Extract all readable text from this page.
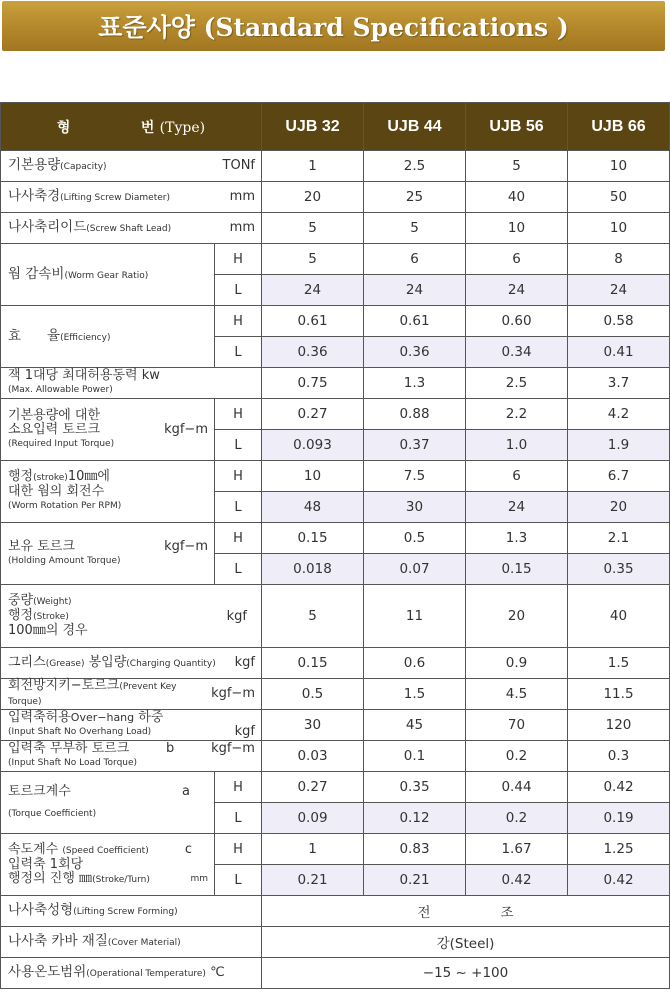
표준사양 (Standard Specifications )
형 번 (Type)		UJB 32	UJB 44	UJB 56	UJB 66

기본용량(Capacity) TONf		1	2.5	5	10

나사축경(Lifting Screw Diameter) mm		20	25	40	50

나사축리이드(Screw Shaft Lead) mm		5	5	10	10
웜 감속비(Worm Gear Ratio)	H	5	6	6	8
	L	24	24	24	24
효 율(Efficiency)	H	0.61	0.61	0.60	0.58
	L	0.36	0.36	0.34	0.41

잭 1대당 최대허용동력 kw
(Max. Allowable Power)		0.75	1.3	2.5	3.7

기본용량에 대한
소요입력 토르크 kgf−m
(Required Input Torque)	H	0.27	0.88	2.2	4.2
	L	0.093	0.37	1.0	1.9

행정(stroke)10㎜에
대한 웜의 회전수
(Worm Rotation Per RPM)	H	10	7.5	6	6.7
	L	48	30	24	20

보유 토르크 kgf−m
(Holding Amount Torque)	H	0.15	0.5	1.3	2.1
	L	0.018	0.07	0.15	0.35

중량(Weight)
행정(Stroke) kgf
100㎜의 경우		5	11	20	40

그리스(Grease) 봉입량(Charging Quantity) kgf		0.15	0.6	0.9	1.5

회전방지키−토르크(Prevent Key Torque)
kgf−m		0.5	1.5	4.5	11.5

입력축허용Over−hang 하중
(Input Shaft No Overhang Load) kgf		30	45	70	120

입력축 무부하 토르크 b kgf−m
(Input Shaft No Load Torque)		0.03	0.1	0.2	0.3

토르크계수 a
(Torque Coefficient)	H	0.27	0.35	0.44	0.42
	L	0.09	0.12	0.2	0.19

속도계수 (Speed Coefficient) c
입력축 1회당
행정의 진행 ㎜(Stroke/Turn) mm	H	1	0.83	1.67	1.25
	L	0.21	0.21	0.42	0.42
나사축성형(Lifting Screw Forming)		전 조			
나사축 카바 재질(Cover Material)		강(Steel)			
사용온도범위(Operational Temperature) ℃		−15 ~ +100			
